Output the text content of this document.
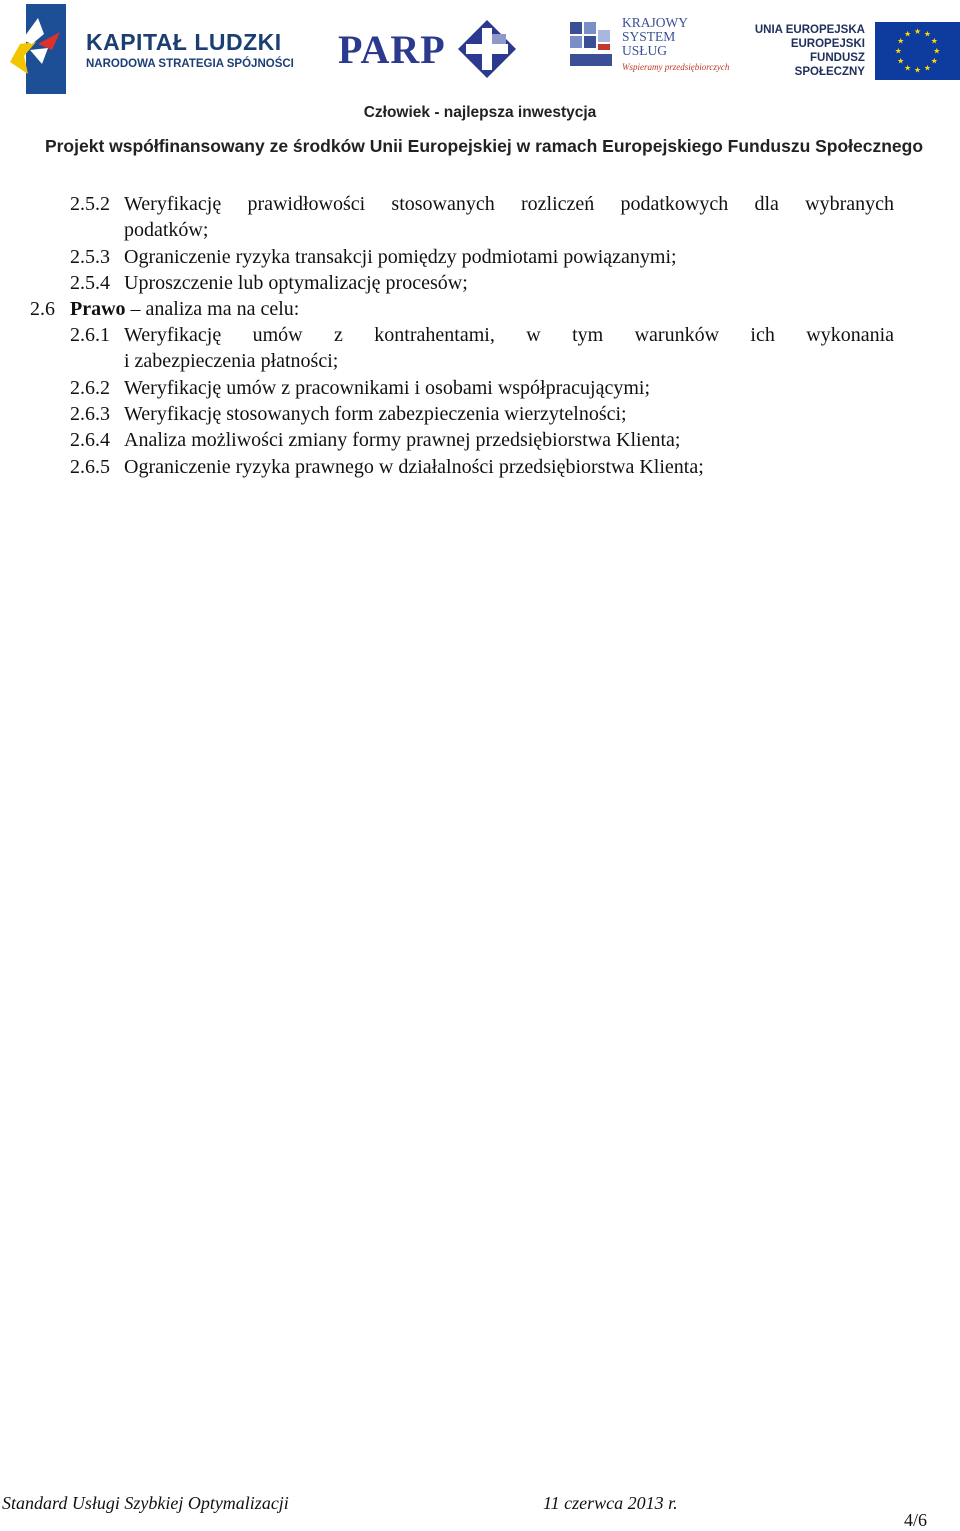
KAPITAŁ LUDZKI
NARODOWA STRATEGIA SPÓJNOŚCI PARP
KRAJOWY
SYSTEM
USŁUG
Wspieramy przedsiębiorczych
UNIA EUROPEJSKA
EUROPEJSKI
FUNDUSZ SPOŁECZNY
★ ★
★
★
★
★
★
★
★
★
★
★
Człowiek - najlepsza inwestycja
Projekt współfinansowany ze środków Unii Europejskiej w ramach Europejskiego Funduszu Społecznego
2.5.2 Weryfikację prawidłowości stosowanych rozliczeń podatkowych dla wybranych
podatków;
2.5.3 Ograniczenie ryzyka transakcji pomiędzy podmiotami powiązanymi;
2.5.4 Uproszczenie lub optymalizację procesów;
2.6 Prawo – analiza ma na celu:
2.6.1 Weryfikację umów z kontrahentami, w tym warunków ich wykonania
i zabezpieczenia płatności;
2.6.2 Weryfikację umów z pracownikami i osobami współpracującymi;
2.6.3 Weryfikację stosowanych form zabezpieczenia wierzytelności;
2.6.4 Analiza możliwości zmiany formy prawnej przedsiębiorstwa Klienta;
2.6.5 Ograniczenie ryzyka prawnego w działalności przedsiębiorstwa Klienta;
Standard Usługi Szybkiej Optymalizacji	11 czerwca 2013 r.
4/6
